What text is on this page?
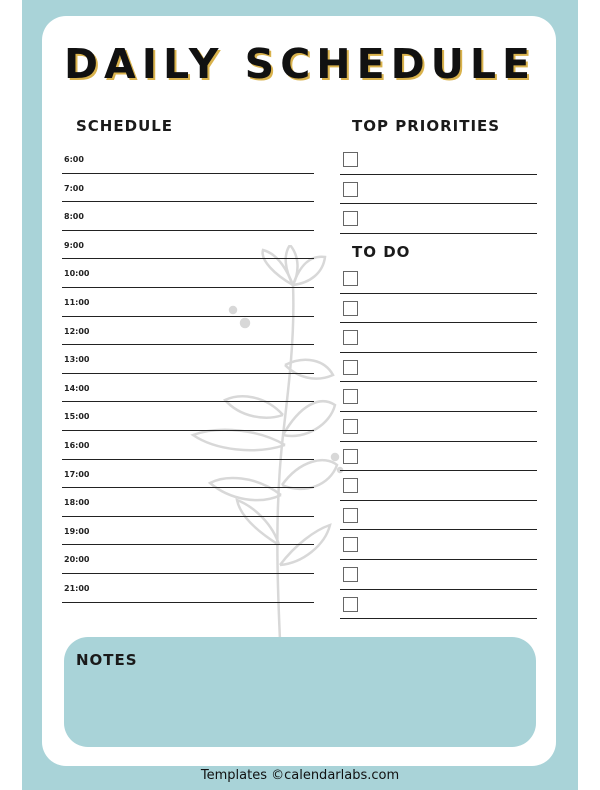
DAILY SCHEDULE
SCHEDULE	TOP PRIORITIES
TO DO
6:00
7:00
8:00
9:00
10:00
11:00
12:00
13:00
14:00
15:00
16:00
17:00
18:00
19:00
20:00
21:00
NOTES
Templates ©calendarlabs.com
